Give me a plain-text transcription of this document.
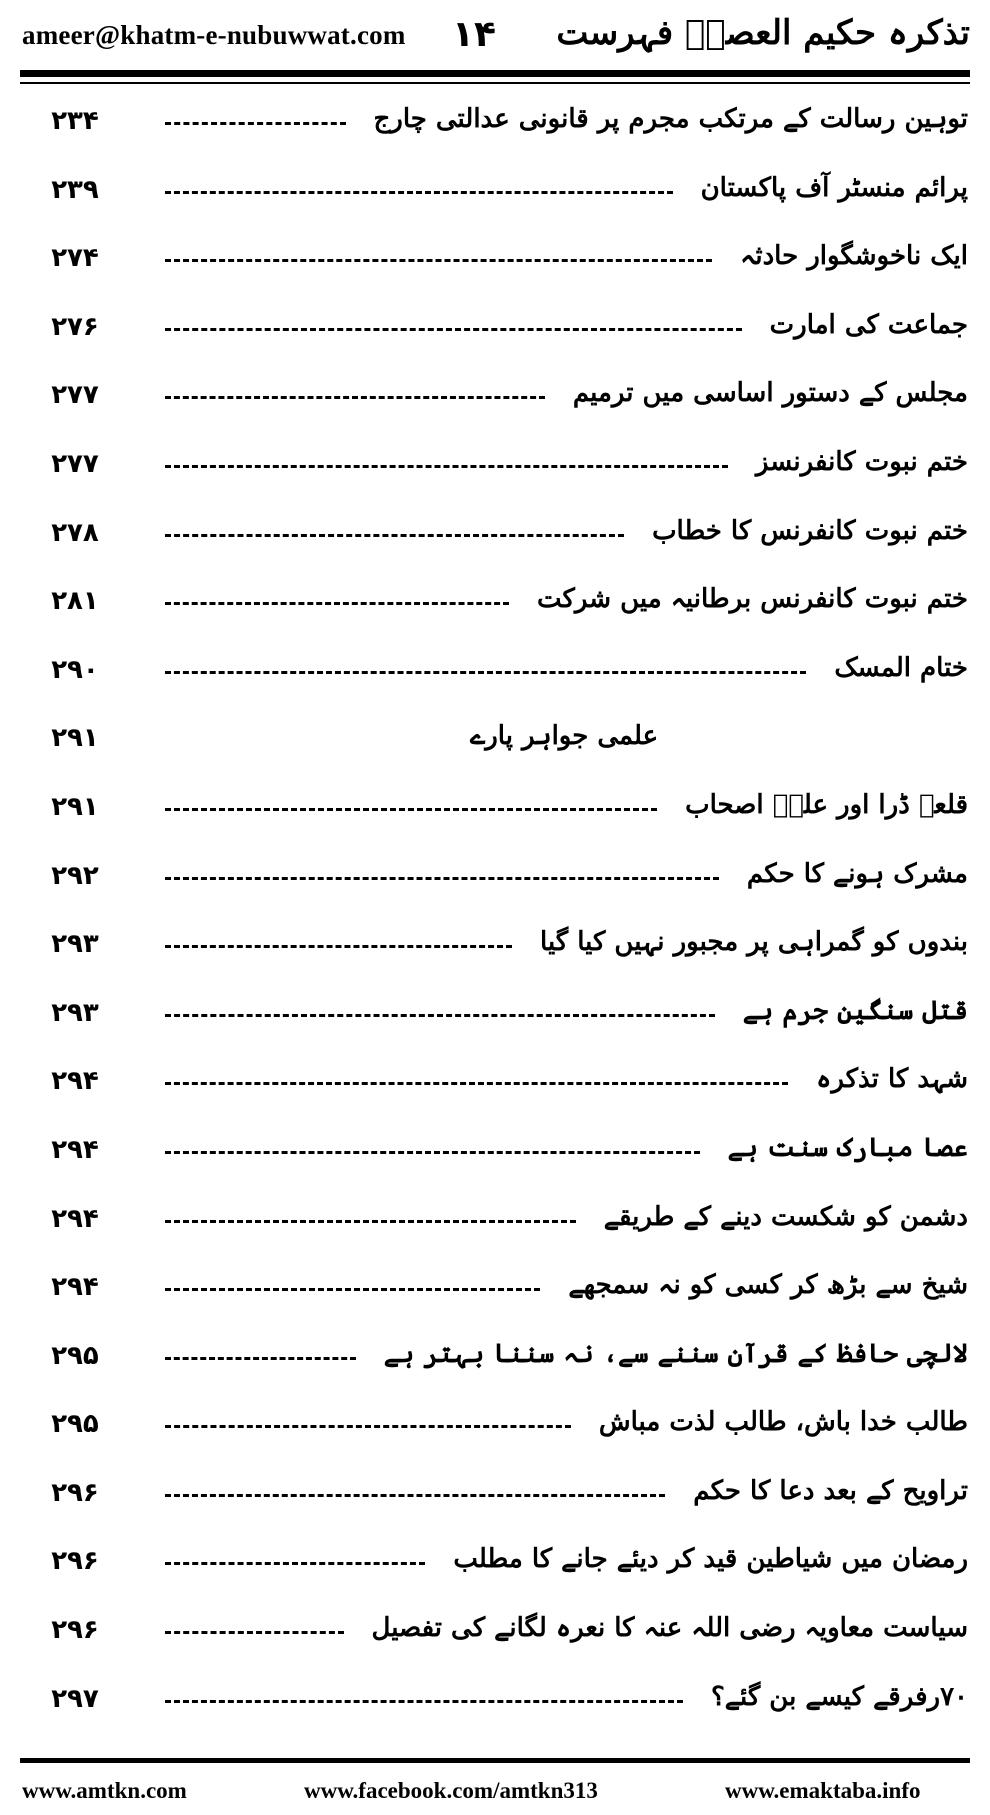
ameer@khatm-e-nubuwwat.com ۱۴ تذکرہ حکیم العصرؒ فہرست
توہین رسالت کے مرتکب مجرم پر قانونی عدالتی چارج
۲۳۴
پرائم منسٹر آف پاکستان
۲۳۹
ایک ناخوشگوار حادثہ
۲۷۴
جماعت کی امارت
۲۷۶
مجلس کے دستور اساسی میں ترمیم
۲۷۷
ختم نبوت کانفرنسز
۲۷۷
ختم نبوت کانفرنس کا خطاب
۲۷۸
ختم نبوت کانفرنس برطانیہ میں شرکت
۲۸۱
ختام المسک
۲۹۰
علمی جواہر پارے
۲۹۱
قلعہ ڈرا اور علیؓ اصحاب
۲۹۱
مشرک ہونے کا حکم
۲۹۲
بندوں کو گمراہی پر مجبور نہیں کیا گیا
۲۹۳
قتل سنگین جرم ہے
۲۹۳
شہد کا تذکرہ
۲۹۴
عصا مبارک سنت ہے
۲۹۴
دشمن کو شکست دینے کے طریقے
۲۹۴
شیخ سے بڑھ کر کسی کو نہ سمجھے
۲۹۴
لالچی حافظ کے قرآن سننے سے، نہ سننا بہتر ہے
۲۹۵
طالب خدا باش، طالب لذت مباش
۲۹۵
تراویح کے بعد دعا کا حکم
۲۹۶
رمضان میں شیاطین قید کر دیئے جانے کا مطلب
۲۹۶
سیاست معاویہ رضی اللہ عنہ کا نعرہ لگانے کی تفصیل
۲۹۶
۷۰رفرقے کیسے بن گئے؟
۲۹۷
www.amtkn.com	www.facebook.com/amtkn313	www.emaktaba.info
